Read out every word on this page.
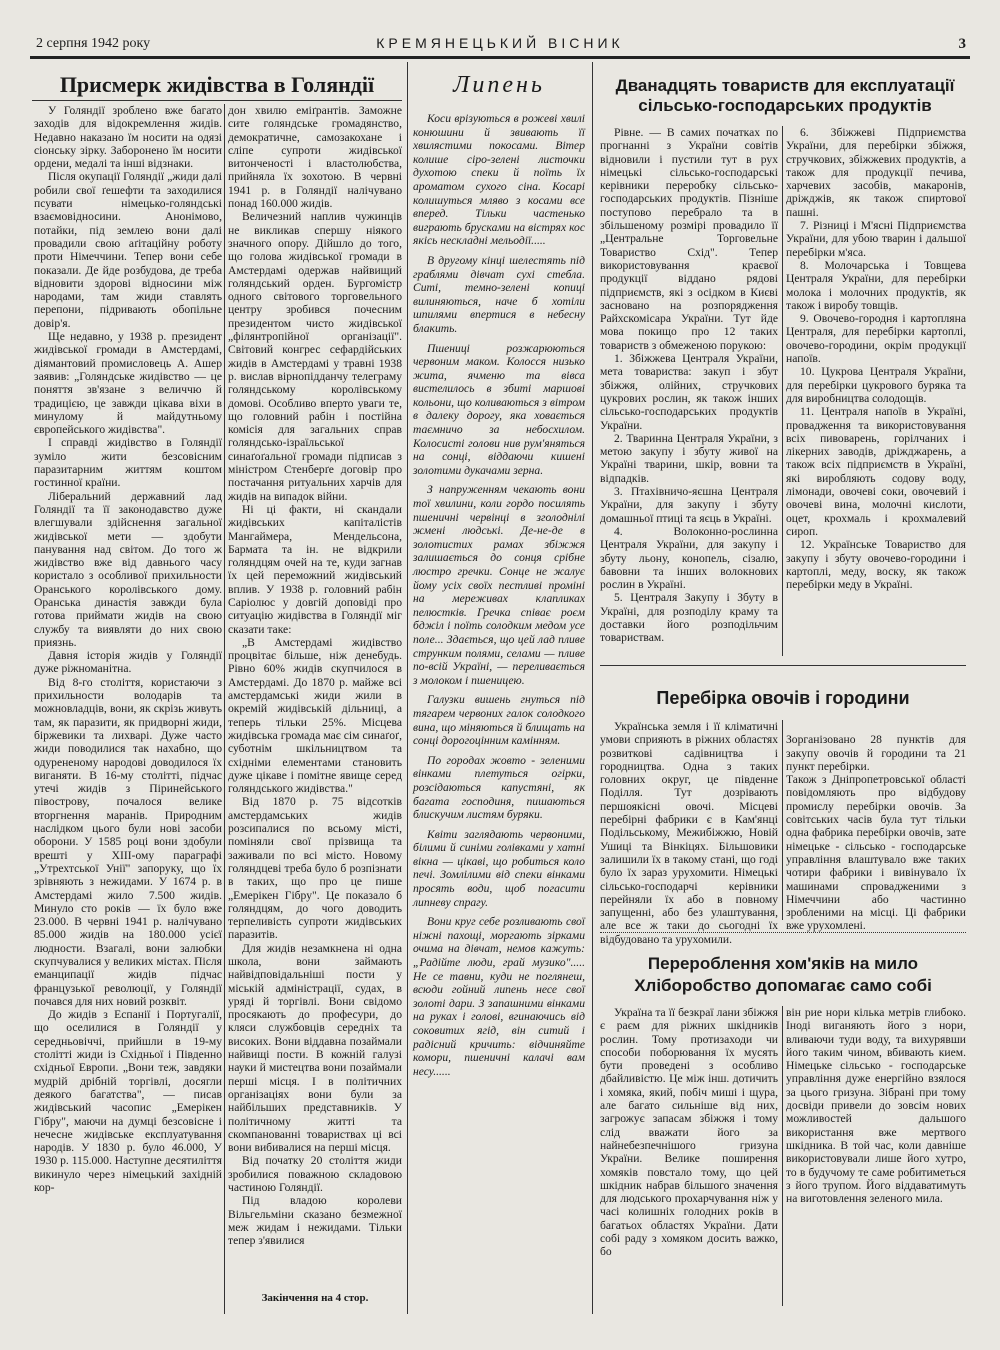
2 серпня 1942 року	КРЕМЯНЕЦЬКИЙ ВІСНИК	3
Присмерк жидівства в Голяндії

У Голяндії зроблено вже багато заходів для відокремлення жидів. Недавно наказано їм носити на одязі сіонську зірку. Заборонено їм носити ордени, медалі та інші відзнаки.

Після окупації Голяндії „жиди далі робили свої ґешефти та заходилися псувати німецько-голяндські взаємовідносини. Анонімово, потайки, під землею вони далі провадили свою аґітаційну роботу проти Німеччини. Тепер вони себе показали. Де йде розбудова, де треба відновити здорові відносини між народами, там жиди ставлять перепони, підривають обопільне довір'я.

Ще недавно, у 1938 р. президент жидівської громади в Амстердамі, діямантовий промисловець А. Ашер заявив: „Голяндське жидівство — це поняття зв'язане з величчю й традицією, це завжди цікава віхи в минулому й майдутньому європейського жидівства".

І справді жидівство в Голяндії зуміло жити безсовісним паразитарним життям коштом гостинної країни.

Ліберальний державний лад Голяндії та її законодавство дуже влегшували здійснення загальної жидівської мети — здобути панування над світом. До того ж жидівство вже від давнього часу користало з особливої прихильности Оранського королівського дому. Оранська династія завжди була готова приймати жидів на свою службу та виявляти до них свою приязнь.

Давня історія жидів у Голяндії дуже ріжноманітна.

Від 8-го століття, користаючи з прихильности володарів та можновладців, вони, як скрізь живуть там, як паразити, як придворні жиди, біржевики та лихварі. Дуже часто жиди поводилися так нахабно, що одурененому народові доводилося їх виганяти. В 16-му столітті, підчас утечі жидів з Піринейського півострову, почалося велике вторгнення маранів. Природним наслідком цього були нові засоби оборони. У 1585 році вони здобули врешті у ХІІІ-ому параграфі „Утрехтської Унії" запоруку, що їх зрівняють з нежидами. У 1674 р. в Амстердамі жило 7.500 жидів. Минуло сто років — їх було вже 23.000. В червні 1941 р. налічувано 85.000 жидів на 180.000 усієї людности. Взагалі, вони залюбки скупчувалися у великих містах. Після еманципації жидів підчас французької революції, у Голяндії почався для них новий розквіт.

До жидів з Еспанії і Португалії, що оселилися в Голяндії у середньовіччі, прийшли в 19-му столітті жиди із Східньої і Південно східньої Европи. „Вони теж, завдяки мудрій дрібній торгівлі, досягли деякого багатства", — писав жидівський часопис „Емерікен Гібру", маючи на думці безсовісне і нечесне жидівське експлуатування народів. У 1830 р. було 46.000, У 1930 р. 115.000. Наступне десятиліття викинуло через німецький західній кор-

дон хвилю еміґрантів. Заможне сите голяндське громадянство, демократичне, самозакохане і сліпе супроти жидівської витонченості і властолюбства, прийняла їх зохотою. В червні 1941 р. в Голяндії налічувано понад 160.000 жидів.

Величезний наплив чужинців не викликав спершу ніякого значного опору. Дійшло до того, що голова жидівської громади в Амстердамі одержав найвищий голяндський орден. Бургомістр одного світового торговельного центру зробився почесним президентом чисто жидівської „філянтропійної організації". Світовий конгрес сефардійських жидів в Амстердамі у травні 1938 р. вислав вірнопідданчу телеграму голяндському королівському домові. Особливо вперто уваги те, що головний рабін і постійна комісія для загальних справ голяндсько-ізраїльської синаґоґальної громади підписав з міністром Стенберґе договір про постачання ритуальних харчів для жидів на випадок війни.

Ні ці факти, ні скандали жидівських капіталістів Мангаймера, Мендельсона, Бармата та ін. не відкрили голяндцям очей на те, куди загнав їх цей переможний жидівський вплив. У 1938 р. головний рабін Саріолюс у довгій доповіді про ситуацію жидівства в Голяндії міг сказати таке:

„В Амстердамі жидівство процвітає більше, ніж денебудь. Рівно 60% жидів скупчилося в Амстердамі. До 1870 р. майже всі амстердамські жиди жили в окремій жидівській дільниці, а теперь тільки 25%. Місцева жидівська громада має сім синаґоґ, суботнім шкільництвом та східніми елементами становить дуже цікаве і помітне явище серед голяндського жидівства."

Від 1870 р. 75 відсотків амстердамських жидів розсипалися по всьому місті, поміняли свої прізвища та заживали по всі місто. Новому голяндцеві треба було б розпізнати в таких, що про це пише „Емерікен Гібру". Це показало б голяндцям, до чого доводить терпеливість супроти жидівських паразитів.

Для жидів незамкнена ні одна школа, вони займають найвідповідальніші пости у міській адміністрації, судах, в уряді й торгівлі. Вони свідомо просякають до професури, до кляси службовців середніх та високих. Вони віддавна позаймали найвищі пости. В кожній галузі науки й мистецтва вони позаймали перші місця. І в політичних організаціях вони були за найбільших представників. У політичному житті та скомпанованні товариствах ці всі вони вибивалися на перші місця.

Від початку 20 століття жиди зробилися поважною складовою частиною Голяндії.

Під владою королеви Вільгельміни сказано безмежної меж жидам і нежидами. Тільки тепер з'явилися

Закінчення на 4 стор.
Липень

Коси врізуються в рожеві хвилі конюшини й звивають її хвилястими покосами. Вітер колише сіро-зелені листочки духотою спеки й поїть їх ароматом сухого сіна. Косарі колишуться мляво з косами все вперед. Тільки частенько виграють брусками на вістрях кос якісь нескладні мельодії.....

В другому кінці шелестять під граблями дівчат сухі стебла. Ситі, темно-зелені копиці вилиняються, наче б хотіли шпилями впертися в небесну блакить.

Пшениці розжарюються червоним маком. Колосся низько жита, ячменю та вівса вистелилось в збиті маршові кольони, що коливаються з вітром в далеку дорогу, яка ховається таємничо за небосхилом. Колосисті голови нив рум'яняться на сонці, віддаючи кишені золотими дукачами зерна.

З напруженням чекають вони тої хвилини, коли гордо посилять пшеничні червінці в зголоднілі жмені людські. Де-не-де в золотистих рамах збіжжя залишається до сонця срібне люстро гречки. Сонце не жалує йому усіх своїх пестливі проміні на мереживах клапликах пелюстків. Гречка співає роєм бджіл і поїть солодким медом усе поле... Здається, що цей лад пливе струнким полями, селами — пливе по-всій Україні, — переливається з молоком і пшеницею.

Галузки вишень гнуться під тягарем червоних галок солодкого вина, що міняються й блищать на сонці дорогоцінним камінням.

По городах жовто - зеленими вінками плетуться огірки, розсідаються капустяні, як багата господиня, пишаються блискучим листям буряки.

Квіти заглядають червоними, білими й синіми голівками у хатні вікна — цікаві, що робиться коло печі. Зомлілими від спеки вінками просять води, щоб погасити липневу спрагу.

Вони круг себе розливають свої ніжні пахощі, моргають зірками очима на дівчат, немов кажуть: „Радійте люди, грай музико"..... Не се тавни, куди не поглянеш, всюди гойний липень несе свої золоті дари. З запашними вінками на руках і голові, вгинаючись від соковитих ягід, він ситий і радісний кричить: відчиняйте комори, пшеничні калачі вам несу......

Дванадцять товариств для експлуатації сільсько-господарських продуктів

Рівне. — В самих початках по прогнанні з України совітів відновили і пустили тут в рух німецькі сільсько-господарські керівники переробку сільсько-господарських продуктів. Пізніше поступово перебрало та в збільшеному розмірі провадило її „Центральне Торговельне Товариство Схід". Тепер використовування краєвої продукції віддано рядові підприємств, які з осідком в Києві засновано на розпорядження Райхскомісара України. Тут йде мова покищо про 12 таких товариств з обмеженою порукою:

1. Збіжжева Централя України, мета товариства: закуп і збут збіжжя, олійних, стручкових цукрових рослин, як також інших сільсько-господарських продуктів України.

2. Тваринна Централя України, з метою закупу і збуту живої на Україні тварини, шкір, вовни та відпадків.

3. Птахівничо-яєшна Централя України, для закупу і збуту домашньої птиці та яєць в Україні.

4. Волоконно-рослинна Централя України, для закупу і збуту льону, конопель, сізалю, бавовни та інших волокнових рослин в Україні.

5. Централя Закупу і Збуту в Україні, для розподілу краму та доставки його розподільчим товариствам.

6. Збіжжеві Підприємства України, для перебірки збіжжя, стручкових, збіжжевих продуктів, а також для продукції печива, харчевих засобів, макаронів, дріжджів, як також спиртової пашні.

7. Різниці і М'ясні Підприємства України, для убою тварин і дальшої перебірки м'яса.

8. Молочарська і Товщева Централя України, для перебірки молока і молочних продуктів, як також і виробу товщів.

9. Овочево-городня і картопляна Централя, для перебірки картоплі, овочево-городини, окрім продукції напоїв.

10. Цукрова Централя України, для перебірки цукрового буряка та для виробництва солодощів.

11. Централя напоїв в Україні, провадження та використовування всіх пивоварень, горілчаних і лікерних заводів, дріжджарень, а також всіх підприємств в Україні, які виробляють содову воду, лімонади, овочеві соки, овочевий і овочеві вина, молочні кислоти, оцет, крохмаль і крохмалевий сироп.

12. Українське Товариство для закупу і збуту овочево-городини і картоплі, меду, воску, як також перебірки меду в Україні.

Перебірка овочів і городини

Українська земля і її кліматичні умови сприяють в ріжних областях розвиткові садівництва і городництва. Одна з таких головних округ, це південне Поділля. Тут дозрівають першоякісні овочі. Місцеві перебірні фабрики є в Кам'янці Подільському, Межибіжжю, Новій Ушиці та Вінкіцях. Більшовики залишили їх в такому стані, що годі було їх зараз урухомити. Німецькі сільсько-господарчі керівники перейняли їх або в повному запущенні, або без улаштування, але все ж таки до сьогодні їх відбудовано та урухомили.

Зорганізовано 28 пунктів для закупу овочів й городини та 21 пункт перебірки.
Також з Дніпропетровської області повідомляють про відбудову промислу перебірки овочів. За совітських часів була тут тільки одна фабрика перебірки овочів, зате німецьке - сільсько - господарське управління влаштувало вже таких чотири фабрики і вивінувало їх машинами спровадженими з Німеччини або частинно зробленими на місці. Ці фабрики вже урухомлені.

Перероблення хом'яків на мило
Хліборобство допомагає само собі

Україна та її безкраї лани збіжжя є раєм для ріжних шкідників рослин. Тому протизаходи чи способи поборювання їх мусять бути проведені з особливо дбайливістю. Це між інш. дотичить і хомяка, який, побіч миші і щура, але багато сильніше від них, загрожує запасам збіжжя і тому слід вважати його за найнебезпечнішого гризуна України. Велике поширення хомяків повстало тому, що цей шкідник набрав більшого значення для людського прохарчування ніж у часі колишніх голодних років в багатьох областях України. Дати собі раду з хомяком досить важко, бо

він рие нори кілька метрів глибоко. Іноді виганяють його з нори, вливаючи туди воду, та вихурявши його таким чином, вбивають кием. Німецьке сільсько - господарське управління дуже енергійно взялося за цього гризуна. Зібрані при тому досвіди привели до зовсім нових можливостей дальшого використання вже мертвого шкідника. В той час, коли давніше використовували лише його хутро, то в будучому те саме робитиметься з його трупом. Його віддаватимуть на виготовлення зеленого мила.
